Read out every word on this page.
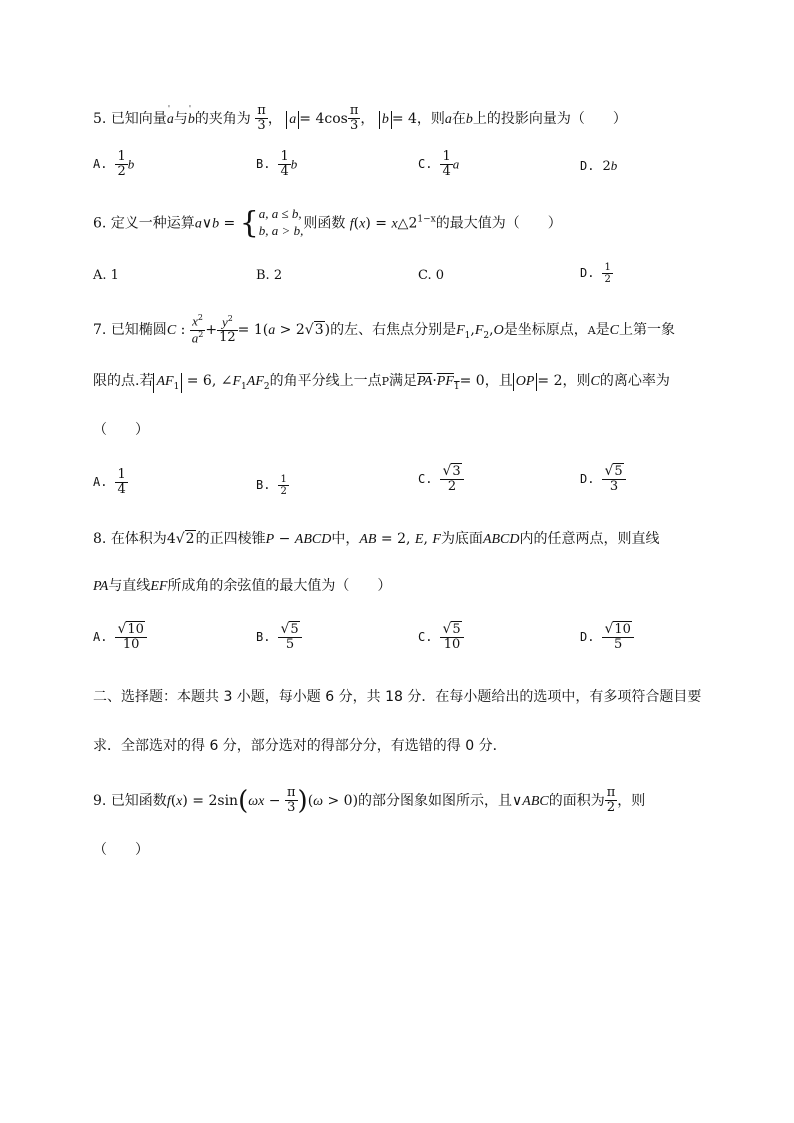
5. 已知向量a
'
与b
'
的夹角为 $\frac{\pi}{3}$ ， $a = 4\cos \frac{\pi}{3}$ ， b = 4，则a在b上的投影向量为（　　）
A. $\frac{1}{2}$ b	B. $\frac{1}{4}$ b	C. $\frac{1}{4}$ a	D. 2b
6. 定义一种运算a∨b = {a, a ≤ b,
b, a > b,则函数 $f(x) = x\triangle 2^{1-x}$的最大值为（　　）
A. 1	B. 2	C. 0	D. $\frac{1}{2}$
7. 已知椭圆C : $\frac{x^2}{a^2} + \frac{y^2}{12} = 1(a > 2√3)$的左、右焦点分别是$F_1,F_2,O$是坐标原点，A是C上第一象
限的点.若 $AF_1 = 6$, $\angle F_1AF_2$的角平分线上一点P满足$\overline{PA}\cdot PF_1= 0$，且 OP = 2，则C的离心率为
（　　）
A. $\frac{1}{4}$	B. $\frac{1}{2}$	C. $\frac{√3}{2}$	D. $\frac{√5}{3}$
8. 在体积为4√2的正四棱锥P − ABCD中，AB = 2, E, F为底面ABCD内的任意两点，则直线
PA与直线EF所成角的余弦值的最大值为（　　）
A. $\frac{√10}{10}$	B. $\frac{√5}{5}$	C. $\frac{√5}{10}$	D. $\frac{√10}{5}$
二、选择题：本题共 3 小题，每小题 6 分，共 18 分．在每小题给出的选项中，有多项符合题目要
求．全部选对的得 6 分，部分选对的得部分分，有选错的得 0 分．
9. 已知函数$f(x) = 2\sin(\omega x - \frac{\pi}{3} )(\omega > 0)$的部分图象如图所示，且∨ABC的面积为 $\frac{\pi}{2}$ ，则
（　　）
